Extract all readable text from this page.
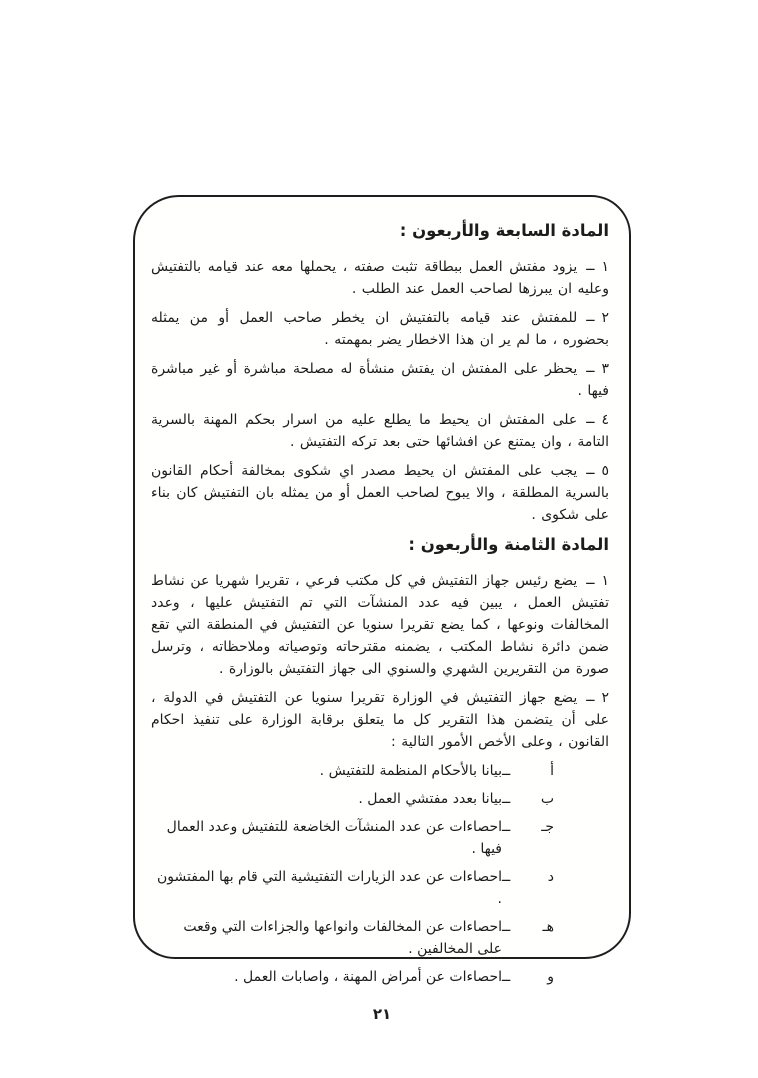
المادة السابعة والأربعون :

١ــيزود مفتش العمل ببطاقة تثبت صفته ، يحملها معه عند قيامه بالتفتيش وعليه ان يبرزها لصاحب العمل عند الطلب .

٢ــللمفتش عند قيامه بالتفتيش ان يخطر صاحب العمل أو من يمثله بحضوره ، ما لم ير ان هذا الاخطار يضر بمهمته .

٣ــيحظر على المفتش ان يفتش منشأة له مصلحة مباشرة أو غير مباشرة فيها .

٤ــعلى المفتش ان يحيط ما يطلع عليه من اسرار بحكم المهنة بالسرية التامة ، وان يمتنع عن افشائها حتى بعد تركه التفتيش .

٥ــيجب على المفتش ان يحيط مصدر اي شكوى بمخالفة أحكام القانون بالسرية المطلقة ، والا يبوح لصاحب العمل أو من يمثله بان التفتيش كان بناء على شكوى .

المادة الثامنة والأربعون :

١ــيضع رئيس جهاز التفتيش في كل مكتب فرعي ، تقريرا شهريا عن نشاط تفتيش العمل ، يبين فيه عدد المنشآت التي تم التفتيش عليها ، وعدد المخالفات ونوعها ، كما يضع تقريرا سنويا عن التفتيش في المنطقة التي تقع ضمن دائرة نشاط المكتب ، يضمنه مقترحاته وتوصياته وملاحظاته ، وترسل صورة من التقريرين الشهري والسنوي الى جهاز التفتيش بالوزارة .

٢ــيضع جهاز التفتيش في الوزارة تقريرا سنويا عن التفتيش في الدولة ، على أن يتضمن هذا التقرير كل ما يتعلق برقابة الوزارة على تنفيذ احكام القانون ، وعلى الأخص الأمور التالية :

أ
ــ
بيانا بالأحكام المنظمة للتفتيش .
ب
ــ
بيانا بعدد مفتشي العمل .
جـ
ــ
احصاءات عن عدد المنشآت الخاضعة للتفتيش وعدد العمال فيها .
د
ــ
احصاءات عن عدد الزيارات التفتيشية التي قام بها المفتشون .
هـ
ــ
احصاءات عن المخالفات وانواعها والجزاءات التي وقعت على المخالفين .
و
ــ
احصاءات عن أمراض المهنة ، واصابات العمل .
٢١
